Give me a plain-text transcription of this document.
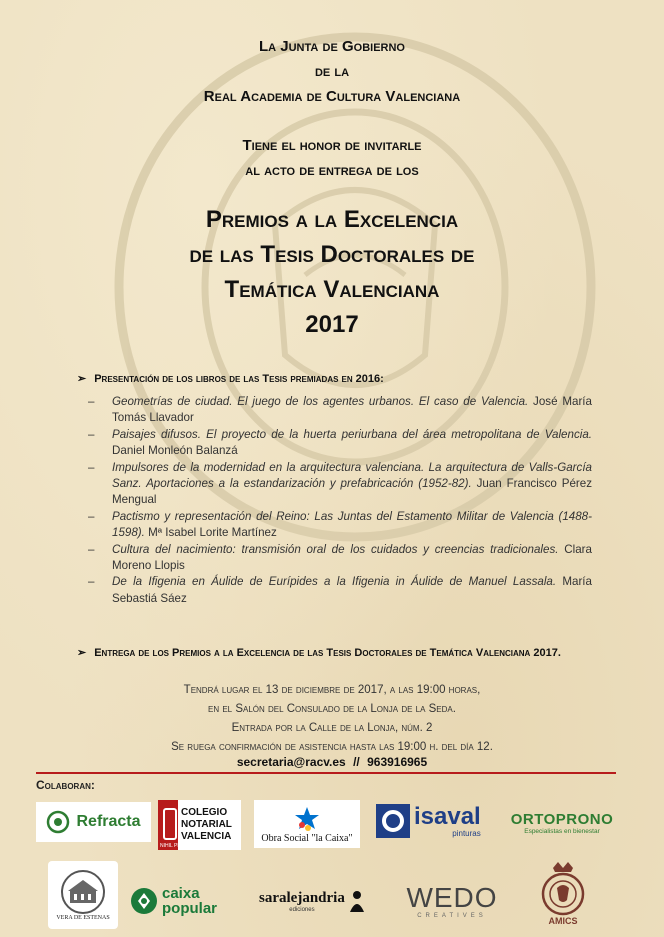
La Junta de Gobierno
de la
Real Academia de Cultura Valenciana
Tiene el honor de invitarle
al acto de entrega de los
Premios a la Excelencia
de las Tesis Doctorales de
Temática Valenciana
2017
➢ Presentación de los libros de las Tesis premiadas en 2016:
– Geometrías de ciudad. El juego de los agentes urbanos. El caso de Valencia. José María Tomás Llavador
– Paisajes difusos. El proyecto de la huerta periurbana del área metropolitana de Valencia. Daniel Monleón Balanzá
– Impulsores de la modernidad en la arquitectura valenciana. La arquitectura de Valls-García Sanz. Aportaciones a la estandarización y prefabricación (1952-82). Juan Francisco Pérez Mengual
– Pactismo y representación del Reino: Las Juntas del Estamento Militar de Valencia (1488-1598). Mª Isabel Lorite Martínez
– Cultura del nacimiento: transmisión oral de los cuidados y creencias tradicionales. Clara Moreno Llopis
– De la Ifigenia en Áulide de Eurípides a la Ifigenia in Áulide de Manuel Lassala. María Sebastiá Sáez
➢ Entrega de los Premios a la Excelencia de las Tesis Doctorales de Temática Valenciana 2017.
Tendrá lugar el 13 de diciembre de 2017, a las 19:00 horas,
en el Salón del Consulado de la Lonja de la Seda.
Entrada por la Calle de la Lonja, núm. 2
Se ruega confirmación de asistencia hasta las 19:00 h. del día 12.
secretaria@racv.es // 963916965
Colaboran:
Refracta
COLEGIO NOTARIAL VALENCIA
NIHIL PRIUS FIDE
Obra Social "la Caixa"
isaval
pinturas
ORTOPRONO
Especialistas en bienestar
VERA DE ESTENAS
caixa
popular
saralejandria
ediciones	WEDO
CREATIVES	AMICS
